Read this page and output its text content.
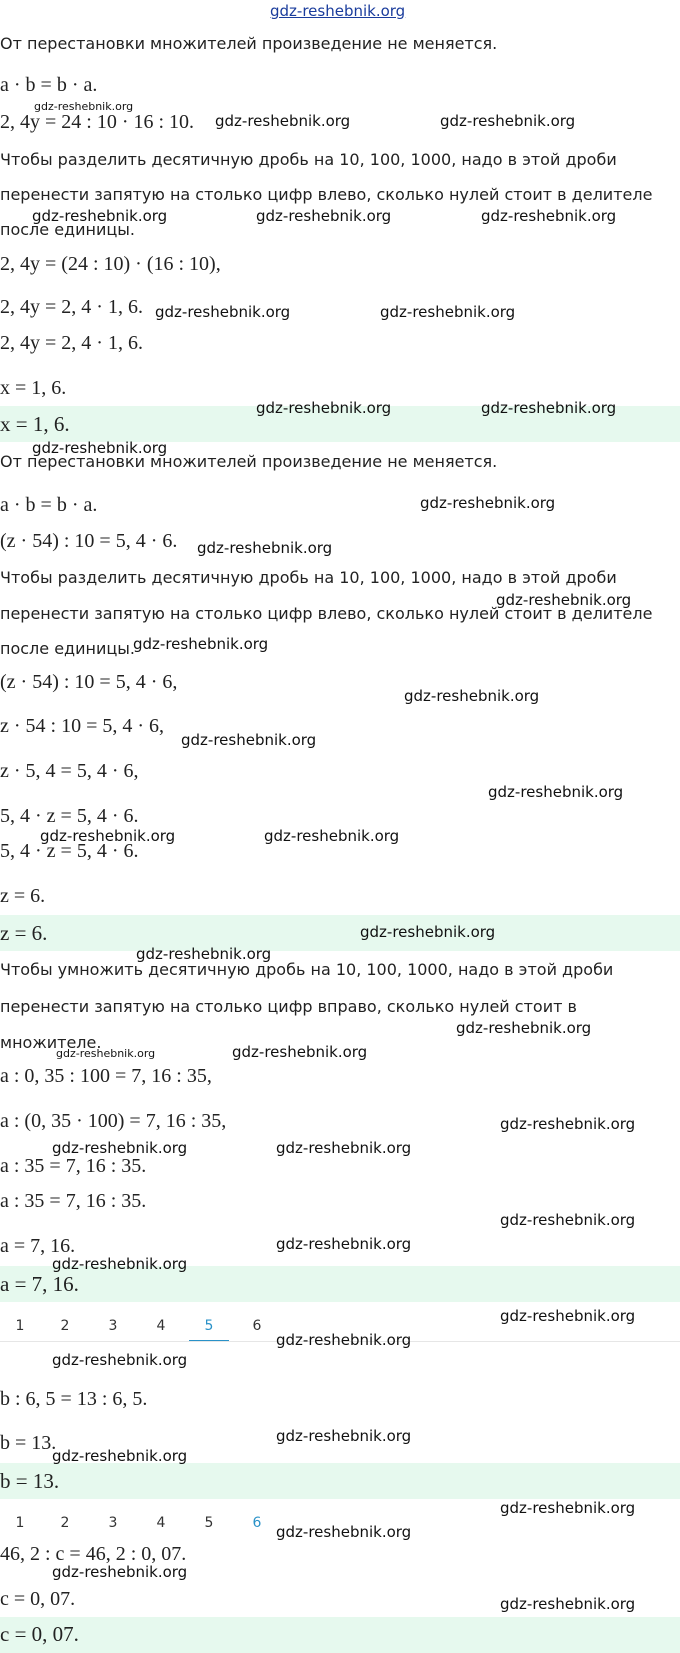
gdz-reshebnik.org
От перестановки множителей произведение не меняется.
a · b = b · a.
2, 4y = 24 : 10 · 16 : 10.
Чтобы разделить десятичную дробь на 10, 100, 1000, надо в этой дроби
перенести запятую на столько цифр влево, сколько нулей стоит в делителе
после единицы.
2, 4y = (24 : 10) · (16 : 10),
2, 4y = 2, 4 · 1, 6.
2, 4y = 2, 4 · 1, 6.
x = 1, 6.
x = 1, 6.
От перестановки множителей произведение не меняется.
a · b = b · a.
(z · 54) : 10 = 5, 4 · 6.
Чтобы разделить десятичную дробь на 10, 100, 1000, надо в этой дроби
перенести запятую на столько цифр влево, сколько нулей стоит в делителе
после единицы.
(z · 54) : 10 = 5, 4 · 6,
z · 54 : 10 = 5, 4 · 6,
z · 5, 4 = 5, 4 · 6,
5, 4 · z = 5, 4 · 6.
5, 4 · z = 5, 4 · 6.
z = 6.
z = 6.
Чтобы умножить десятичную дробь на 10, 100, 1000, надо в этой дроби
перенести запятую на столько цифр вправо, сколько нулей стоит в
множителе.
a : 0, 35 : 100 = 7, 16 : 35,
a : (0, 35 · 100) = 7, 16 : 35,
a : 35 = 7, 16 : 35.
a : 35 = 7, 16 : 35.
a = 7, 16.
a = 7, 16.
1	2	3	4	5	6
b : 6, 5 = 13 : 6, 5.
b = 13.
b = 13.
1	2	3	4	5	6
46, 2 : c = 46, 2 : 0, 07.
c = 0, 07.
c = 0, 07.
gdz-reshebnik.org
gdz-reshebnik.org	gdz-reshebnik.org
gdz-reshebnik.org	gdz-reshebnik.org	gdz-reshebnik.org
gdz-reshebnik.org	gdz-reshebnik.org
gdz-reshebnik.org	gdz-reshebnik.org
gdz-reshebnik.org
gdz-reshebnik.org
gdz-reshebnik.org
gdz-reshebnik.org
gdz-reshebnik.org
gdz-reshebnik.org
gdz-reshebnik.org
gdz-reshebnik.org
gdz-reshebnik.org	gdz-reshebnik.org
gdz-reshebnik.org
gdz-reshebnik.org
gdz-reshebnik.org
gdz-reshebnik.org	gdz-reshebnik.org
gdz-reshebnik.org
gdz-reshebnik.org	gdz-reshebnik.org
gdz-reshebnik.org
gdz-reshebnik.org
gdz-reshebnik.org
gdz-reshebnik.org
gdz-reshebnik.org
gdz-reshebnik.org
gdz-reshebnik.org
gdz-reshebnik.org
gdz-reshebnik.org
gdz-reshebnik.org
gdz-reshebnik.org
gdz-reshebnik.org
